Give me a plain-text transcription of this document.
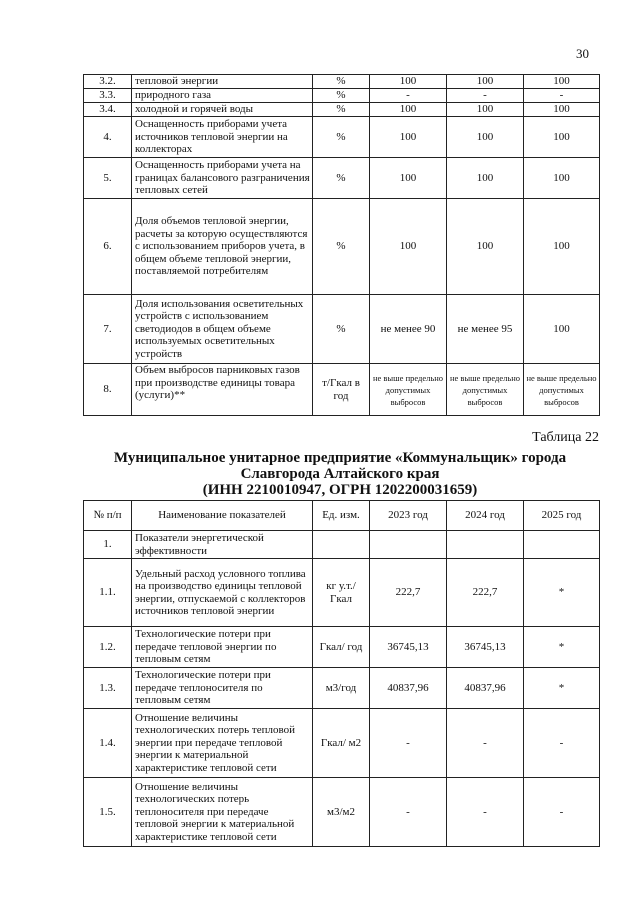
30
3.2.	тепловой энергии	%	100	100	100
3.3.	природного газа	%	-	-	-
3.4.	холодной и горячей воды	%	100	100	100
4.	Оснащенность приборами учета источников тепловой энергии на коллекторах	%	100	100	100
5.	Оснащенность приборами учета на границах балансового разграничения тепловых сетей	%	100	100	100
6.	Доля объемов тепловой энергии, расчеты за которую осуществляются с использованием приборов учета, в общем объеме тепловой энергии, поставляемой потребителям	%	100	100	100
7.	Доля использования осветительных устройств с использованием светодиодов в общем объеме используемых осветительных устройств	%	не менее 90	не менее 95	100
8.	Объем выбросов парниковых газов при производстве единицы товара (услуги)**	т/Гкал в год	не выше предельно допустимых выбросов	не выше предельно допустимых выбросов	не выше предельно допустимых выбросов
Таблица 22
Муниципальное унитарное предприятие «Коммунальщик» города
Славгорода Алтайского края
(ИНН 2210010947, ОГРН 1202200031659)
№ п/п	Наименование показателей	Ед. изм.	2023 год	2024 год	2025 год
1.	Показатели энергетической эффективности				
1.1.	Удельный расход условного топлива на производство единицы тепловой энергии, отпускаемой с коллекторов источников тепловой энергии	кг у.т./ Гкал	222,7	222,7	*
1.2.	Технологические потери при передаче тепловой энергии по тепловым сетям	Гкал/ год	36745,13	36745,13	*
1.3.	Технологические потери при передаче теплоносителя по тепловым сетям	м3/год	40837,96	40837,96	*
1.4.	Отношение величины технологических потерь тепловой энергии при передаче тепловой энергии к материальной характеристике тепловой сети	Гкал/ м2	-	-	-
1.5.	Отношение величины технологических потерь теплоносителя при передаче тепловой энергии к материальной характеристике тепловой сети	м3/м2	-	-	-
